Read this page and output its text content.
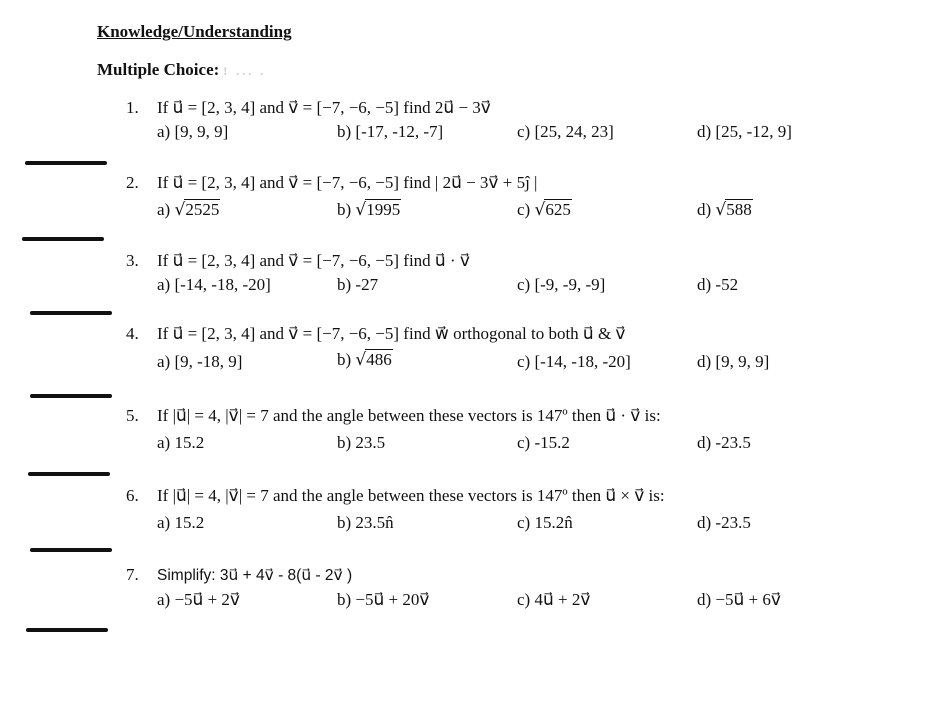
Knowledge/Understanding
Multiple Choice: ! ... .
1. If u⃗ = [2, 3, 4] and v⃗ = [−7, −6, −5] find 2u⃗ − 3v⃗
a) [9, 9, 9]	b) [-17, -12, -7]	c) [25, 24, 23]	d) [25, -12, 9]
2. If u⃗ = [2, 3, 4] and v⃗ = [−7, −6, −5] find | 2u⃗ − 3v⃗ + 5ĵ |
a) √2525	b) √1995	c) √625	d) √588
3. If u⃗ = [2, 3, 4] and v⃗ = [−7, −6, −5] find u⃗ · v⃗
a) [-14, -18, -20]	b) -27	c) [-9, -9, -9]	d) -52
4. If u⃗ = [2, 3, 4] and v⃗ = [−7, −6, −5] find w⃗ orthogonal to both u⃗ & v⃗
a) [9, -18, 9]	b) √486	c) [-14, -18, -20]	d) [9, 9, 9]
5. If |u⃗| = 4, |v⃗| = 7 and the angle between these vectors is 147º then u⃗ · v⃗ is:
a) 15.2	b) 23.5	c) -15.2	d) -23.5
6. If |u⃗| = 4, |v⃗| = 7 and the angle between these vectors is 147º then u⃗ × v⃗ is:
a) 15.2	b) 23.5n̂	c) 15.2n̂	d) -23.5
7. Simplify: 3u⃗ + 4v⃗ - 8(u⃗ - 2v⃗ )
a) −5u⃗ + 2v⃗	b) −5u⃗ + 20v⃗	c) 4u⃗ + 2v⃗	d) −5u⃗ + 6v⃗
